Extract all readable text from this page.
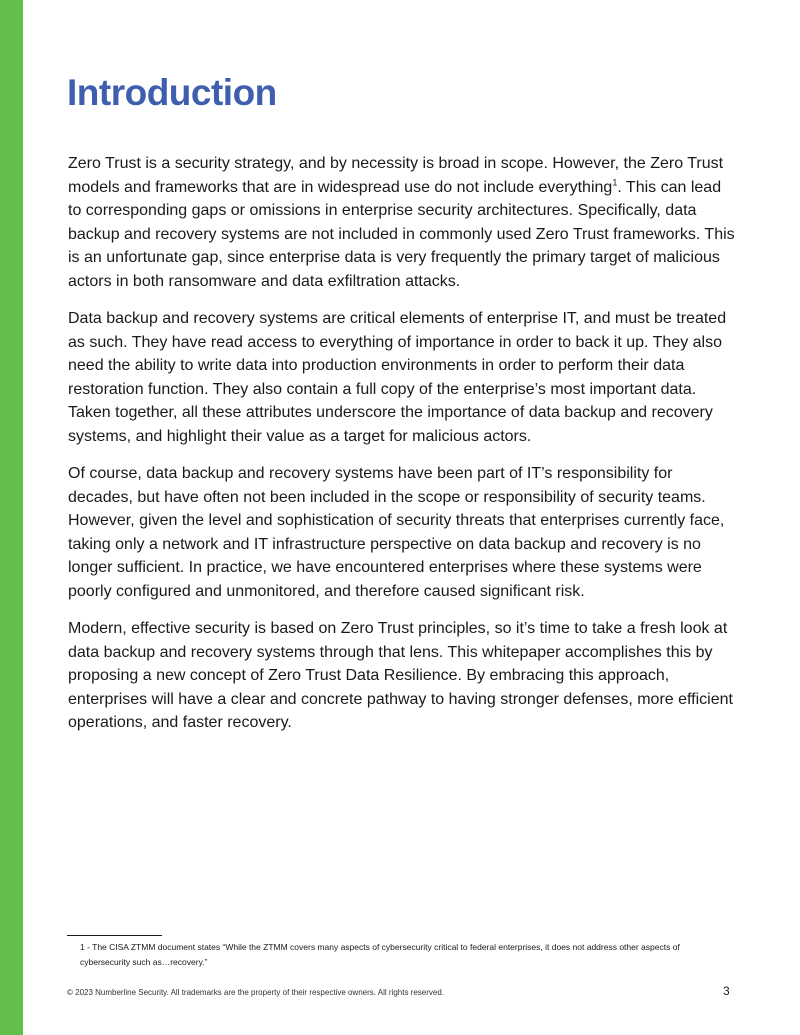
Introduction

Zero Trust is a security strategy, and by necessity is broad in scope. However, the Zero Trust models and frameworks that are in widespread use do not include everything$^1$. This can lead to corresponding gaps or omissions in enterprise security architectures. Specifically, data backup and recovery systems are not included in commonly used Zero Trust frameworks. This is an unfortunate gap, since enterprise data is very frequently the primary target of malicious actors in both ransomware and data exfiltration attacks.

Data backup and recovery systems are critical elements of enterprise IT, and must be treated as such. They have read access to everything of importance in order to back it up. They also need the ability to write data into production environments in order to perform their data restoration function. They also contain a full copy of the enterprise’s most important data. Taken together, all these attributes underscore the importance of data backup and recovery systems, and highlight their value as a target for malicious actors.

Of course, data backup and recovery systems have been part of IT’s responsibility for decades, but have often not been included in the scope or responsibility of security teams. However, given the level and sophistication of security threats that enterprises currently face, taking only a network and IT infrastructure perspective on data backup and recovery is no longer sufficient. In practice, we have encountered enterprises where these systems were poorly configured and unmonitored, and therefore caused significant risk.

Modern, effective security is based on Zero Trust principles, so it’s time to take a fresh look at data backup and recovery systems through that lens. This whitepaper accomplishes this by proposing a new concept of Zero Trust Data Resilience. By embracing this approach, enterprises will have a clear and concrete pathway to having stronger defenses, more efficient operations, and faster recovery.

1 - The CISA ZTMM document states “While the ZTMM covers many aspects of cybersecurity critical to federal enterprises, it does not address other aspects of cybersecurity such as…recovery.”
© 2023 Numberline Security. All trademarks are the property of their respective owners. All rights reserved.	3
